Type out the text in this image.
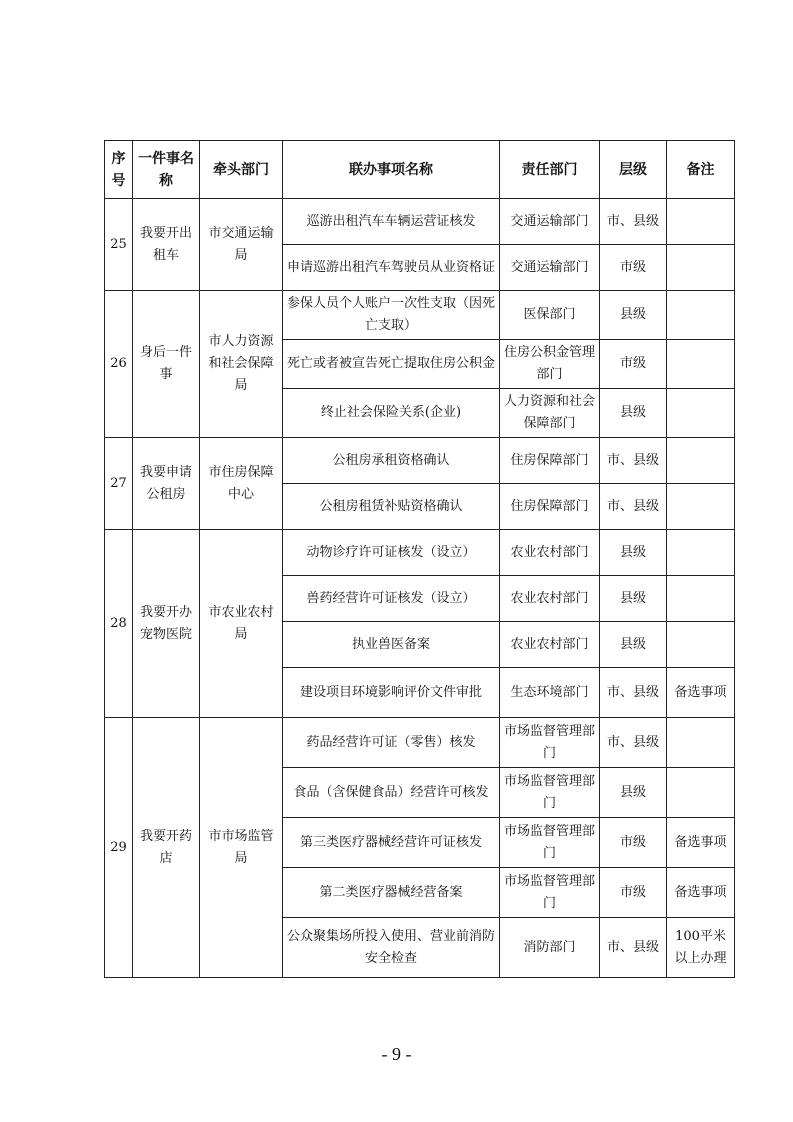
序号	一件事名称	牵头部门	联办事项名称	责任部门	层级	备注
25	我要开出租车	市交通运输局	巡游出租汽车车辆运营证核发	交通运输部门	市、县级	
			申请巡游出租汽车驾驶员从业资格证	交通运输部门	市级	
26	身后一件事	市人力资源和社会保障局	参保人员个人账户一次性支取（因死亡支取）	医保部门	县级	
			死亡或者被宣告死亡提取住房公积金	住房公积金管理部门	市级	
			终止社会保险关系(企业)	人力资源和社会保障部门	县级	
27	我要申请公租房	市住房保障中心	公租房承租资格确认	住房保障部门	市、县级	
			公租房租赁补贴资格确认	住房保障部门	市、县级	
28	我要开办宠物医院	市农业农村局	动物诊疗许可证核发（设立）	农业农村部门	县级	
			兽药经营许可证核发（设立）	农业农村部门	县级	
			执业兽医备案	农业农村部门	县级	
			建设项目环境影响评价文件审批	生态环境部门	市、县级	备选事项
29	我要开药店	市市场监管局	药品经营许可证（零售）核发	市场监督管理部门	市、县级	
			食品（含保健食品）经营许可核发	市场监督管理部门	县级	
			第三类医疗器械经营许可证核发	市场监督管理部门	市级	备选事项
			第二类医疗器械经营备案	市场监督管理部门	市级	备选事项
			公众聚集场所投入使用、营业前消防安全检查	消防部门	市、县级	100平米以上办理
- 9 -
